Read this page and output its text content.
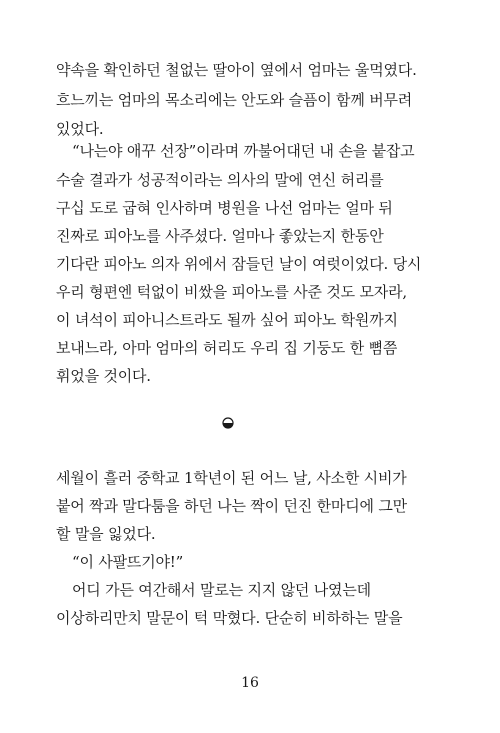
약속을 확인하던 철없는 딸아이 옆에서 엄마는 울먹였다.
흐느끼는 엄마의 목소리에는 안도와 슬픔이 함께 버무려
있었다.
“나는야 애꾸 선장”이라며 까불어대던 내 손을 붙잡고
수술 결과가 성공적이라는 의사의 말에 연신 허리를
구십 도로 굽혀 인사하며 병원을 나선 엄마는 얼마 뒤
진짜로 피아노를 사주셨다. 얼마나 좋았는지 한동안
기다란 피아노 의자 위에서 잠들던 날이 여럿이었다. 당시
우리 형편엔 턱없이 비쌌을 피아노를 사준 것도 모자라,
이 녀석이 피아니스트라도 될까 싶어 피아노 학원까지
보내느라, 아마 엄마의 허리도 우리 집 기둥도 한 뼘쯤
휘었을 것이다.
세월이 흘러 중학교 1학년이 된 어느 날, 사소한 시비가
붙어 짝과 말다툼을 하던 나는 짝이 던진 한마디에 그만
할 말을 잃었다.
“이 사팔뜨기야!”
어디 가든 여간해서 말로는 지지 않던 나였는데
이상하리만치 말문이 턱 막혔다. 단순히 비하하는 말을
16
